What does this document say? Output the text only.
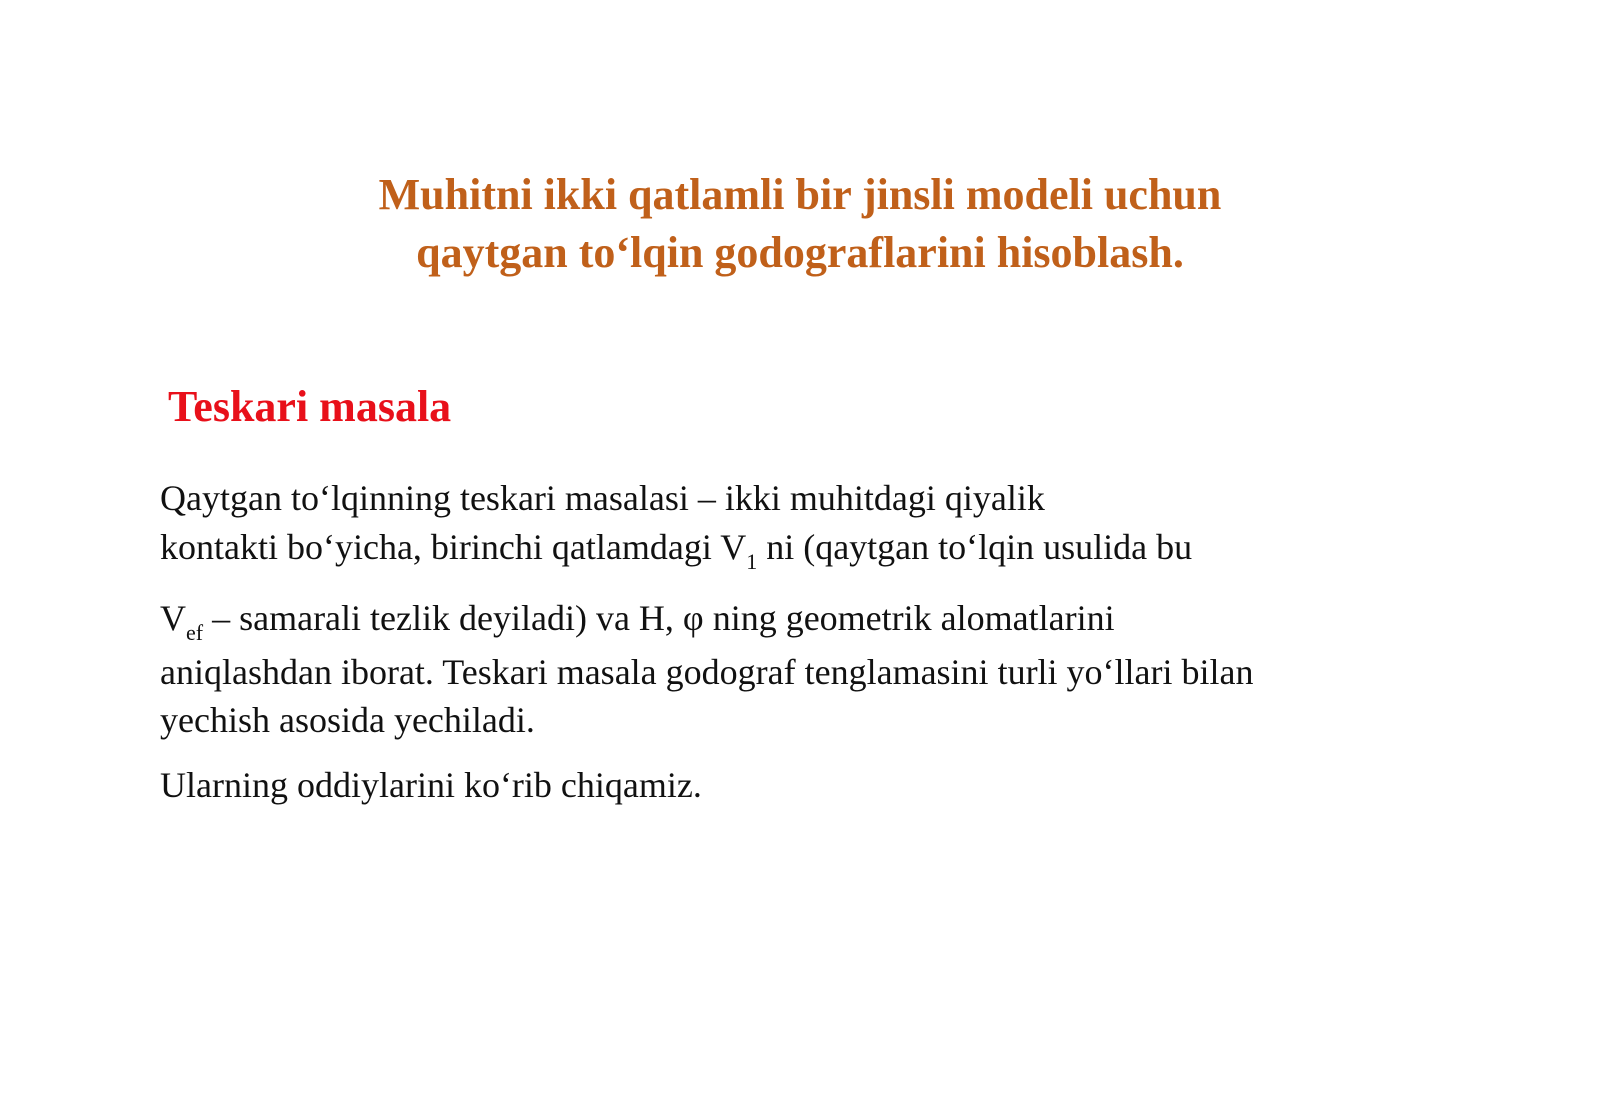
Muhitni ikki qatlamli bir jinsli modeli uchun
qaytgan to‘lqin godograflarini hisoblash.
Teskari masala
Qaytgan to‘lqinning teskari masalasi – ikki muhitdagi qiyalik
kontakti bo‘yicha, birinchi qatlamdagi $V_1$ ni (qaytgan to‘lqin usulida bu
$V_{ef}$ – samarali tezlik deyiladi) va H, φ ning geometrik alomatlarini
aniqlashdan iborat. Teskari masala godograf tenglamasini turli yo‘llari bilan
yechish asosida yechiladi.
Ularning oddiylarini ko‘rib chiqamiz.
